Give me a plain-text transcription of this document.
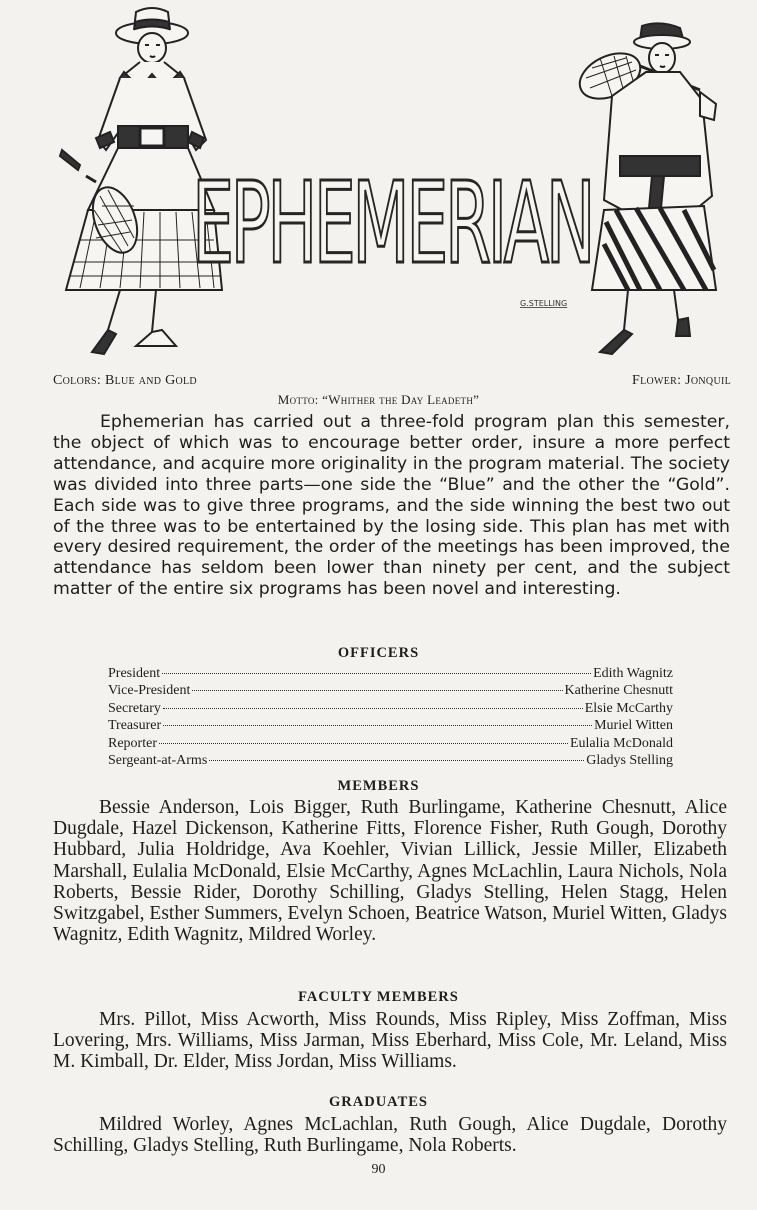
EPHEMERIAN
G.STELLING
Colors: Blue and Gold	Flower: Jonquil
Motto: “Whither the Day Leadeth”

Ephemerian has carried out a three-fold program plan this semester, the object of which was to encourage better order, insure a more perfect attendance, and acquire more originality in the program material. The society was divided into three parts—one side the “Blue” and the other the “Gold”. Each side was to give three programs, and the side winning the best two out of the three was to be entertained by the losing side. This plan has met with every desired requirement, the order of the meetings has been improved, the attendance has seldom been lower than ninety per cent, and the subject matter of the entire six programs has been novel and interesting.

OFFICERS
President	Edith Wagnitz
Vice-President	Katherine Chesnutt
Secretary	Elsie McCarthy
Treasurer	Muriel Witten
Reporter	Eulalia McDonald
Sergeant-at-Arms	Gladys Stelling
MEMBERS

Bessie Anderson, Lois Bigger, Ruth Burlingame, Katherine Chesnutt, Alice Dugdale, Hazel Dickenson, Katherine Fitts, Florence Fisher, Ruth Gough, Dorothy Hubbard, Julia Holdridge, Ava Koehler, Vivian Lillick, Jessie Miller, Elizabeth Marshall, Eulalia McDonald, Elsie McCarthy, Agnes McLachlin, Laura Nichols, Nola Roberts, Bessie Rider, Dorothy Schilling, Gladys Stelling, Helen Stagg, Helen Switzgabel, Esther Summers, Evelyn Schoen, Beatrice Watson, Muriel Witten, Gladys Wagnitz, Edith Wagnitz, Mildred Worley.

FACULTY MEMBERS

Mrs. Pillot, Miss Acworth, Miss Rounds, Miss Ripley, Miss Zoffman, Miss Lovering, Mrs. Williams, Miss Jarman, Miss Eberhard, Miss Cole, Mr. Leland, Miss M. Kimball, Dr. Elder, Miss Jordan, Miss Williams.

GRADUATES

Mildred Worley, Agnes McLachlan, Ruth Gough, Alice Dugdale, Dorothy Schilling, Gladys Stelling, Ruth Burlingame, Nola Roberts.

90
